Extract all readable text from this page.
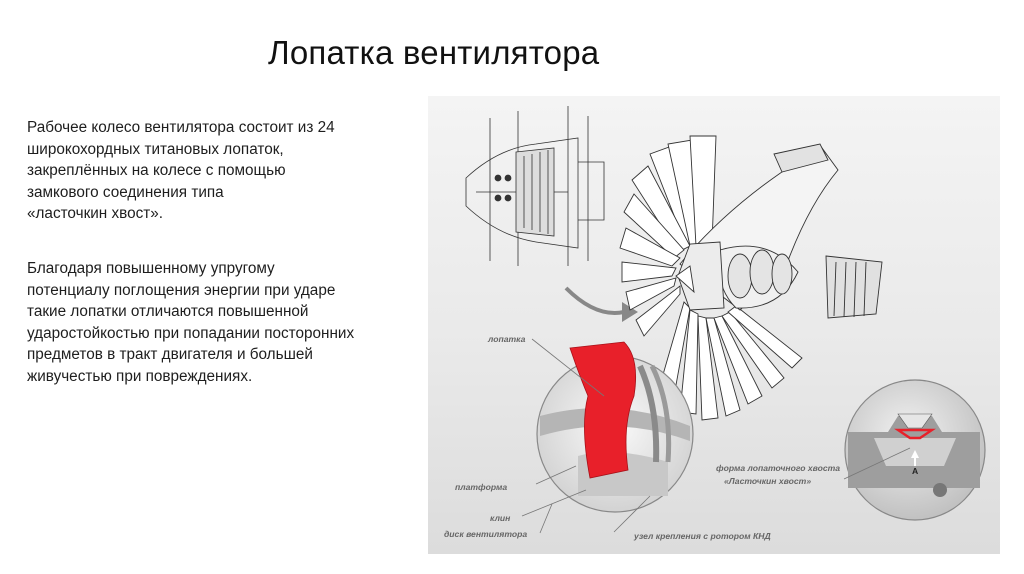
Лопатка вентилятора

Рабочее колесо вентилятора состоит из 24
широкохордных титановых лопаток,
закреплённых на колесе с помощью
замкового соединения типа
«ласточкин хвост».

Благодаря повышенному упругому
потенциалу поглощения энергии при ударе
такие лопатки отличаются повышенной
ударостойкостью при попадании посторонних
предметов в тракт двигателя и большей
живучестью при повреждениях.

лопатка
платформа
клин
диск вентилятора	узел крепления с ротором КНД
форма лопаточного хвоста
«Ласточкин хвост»
А
